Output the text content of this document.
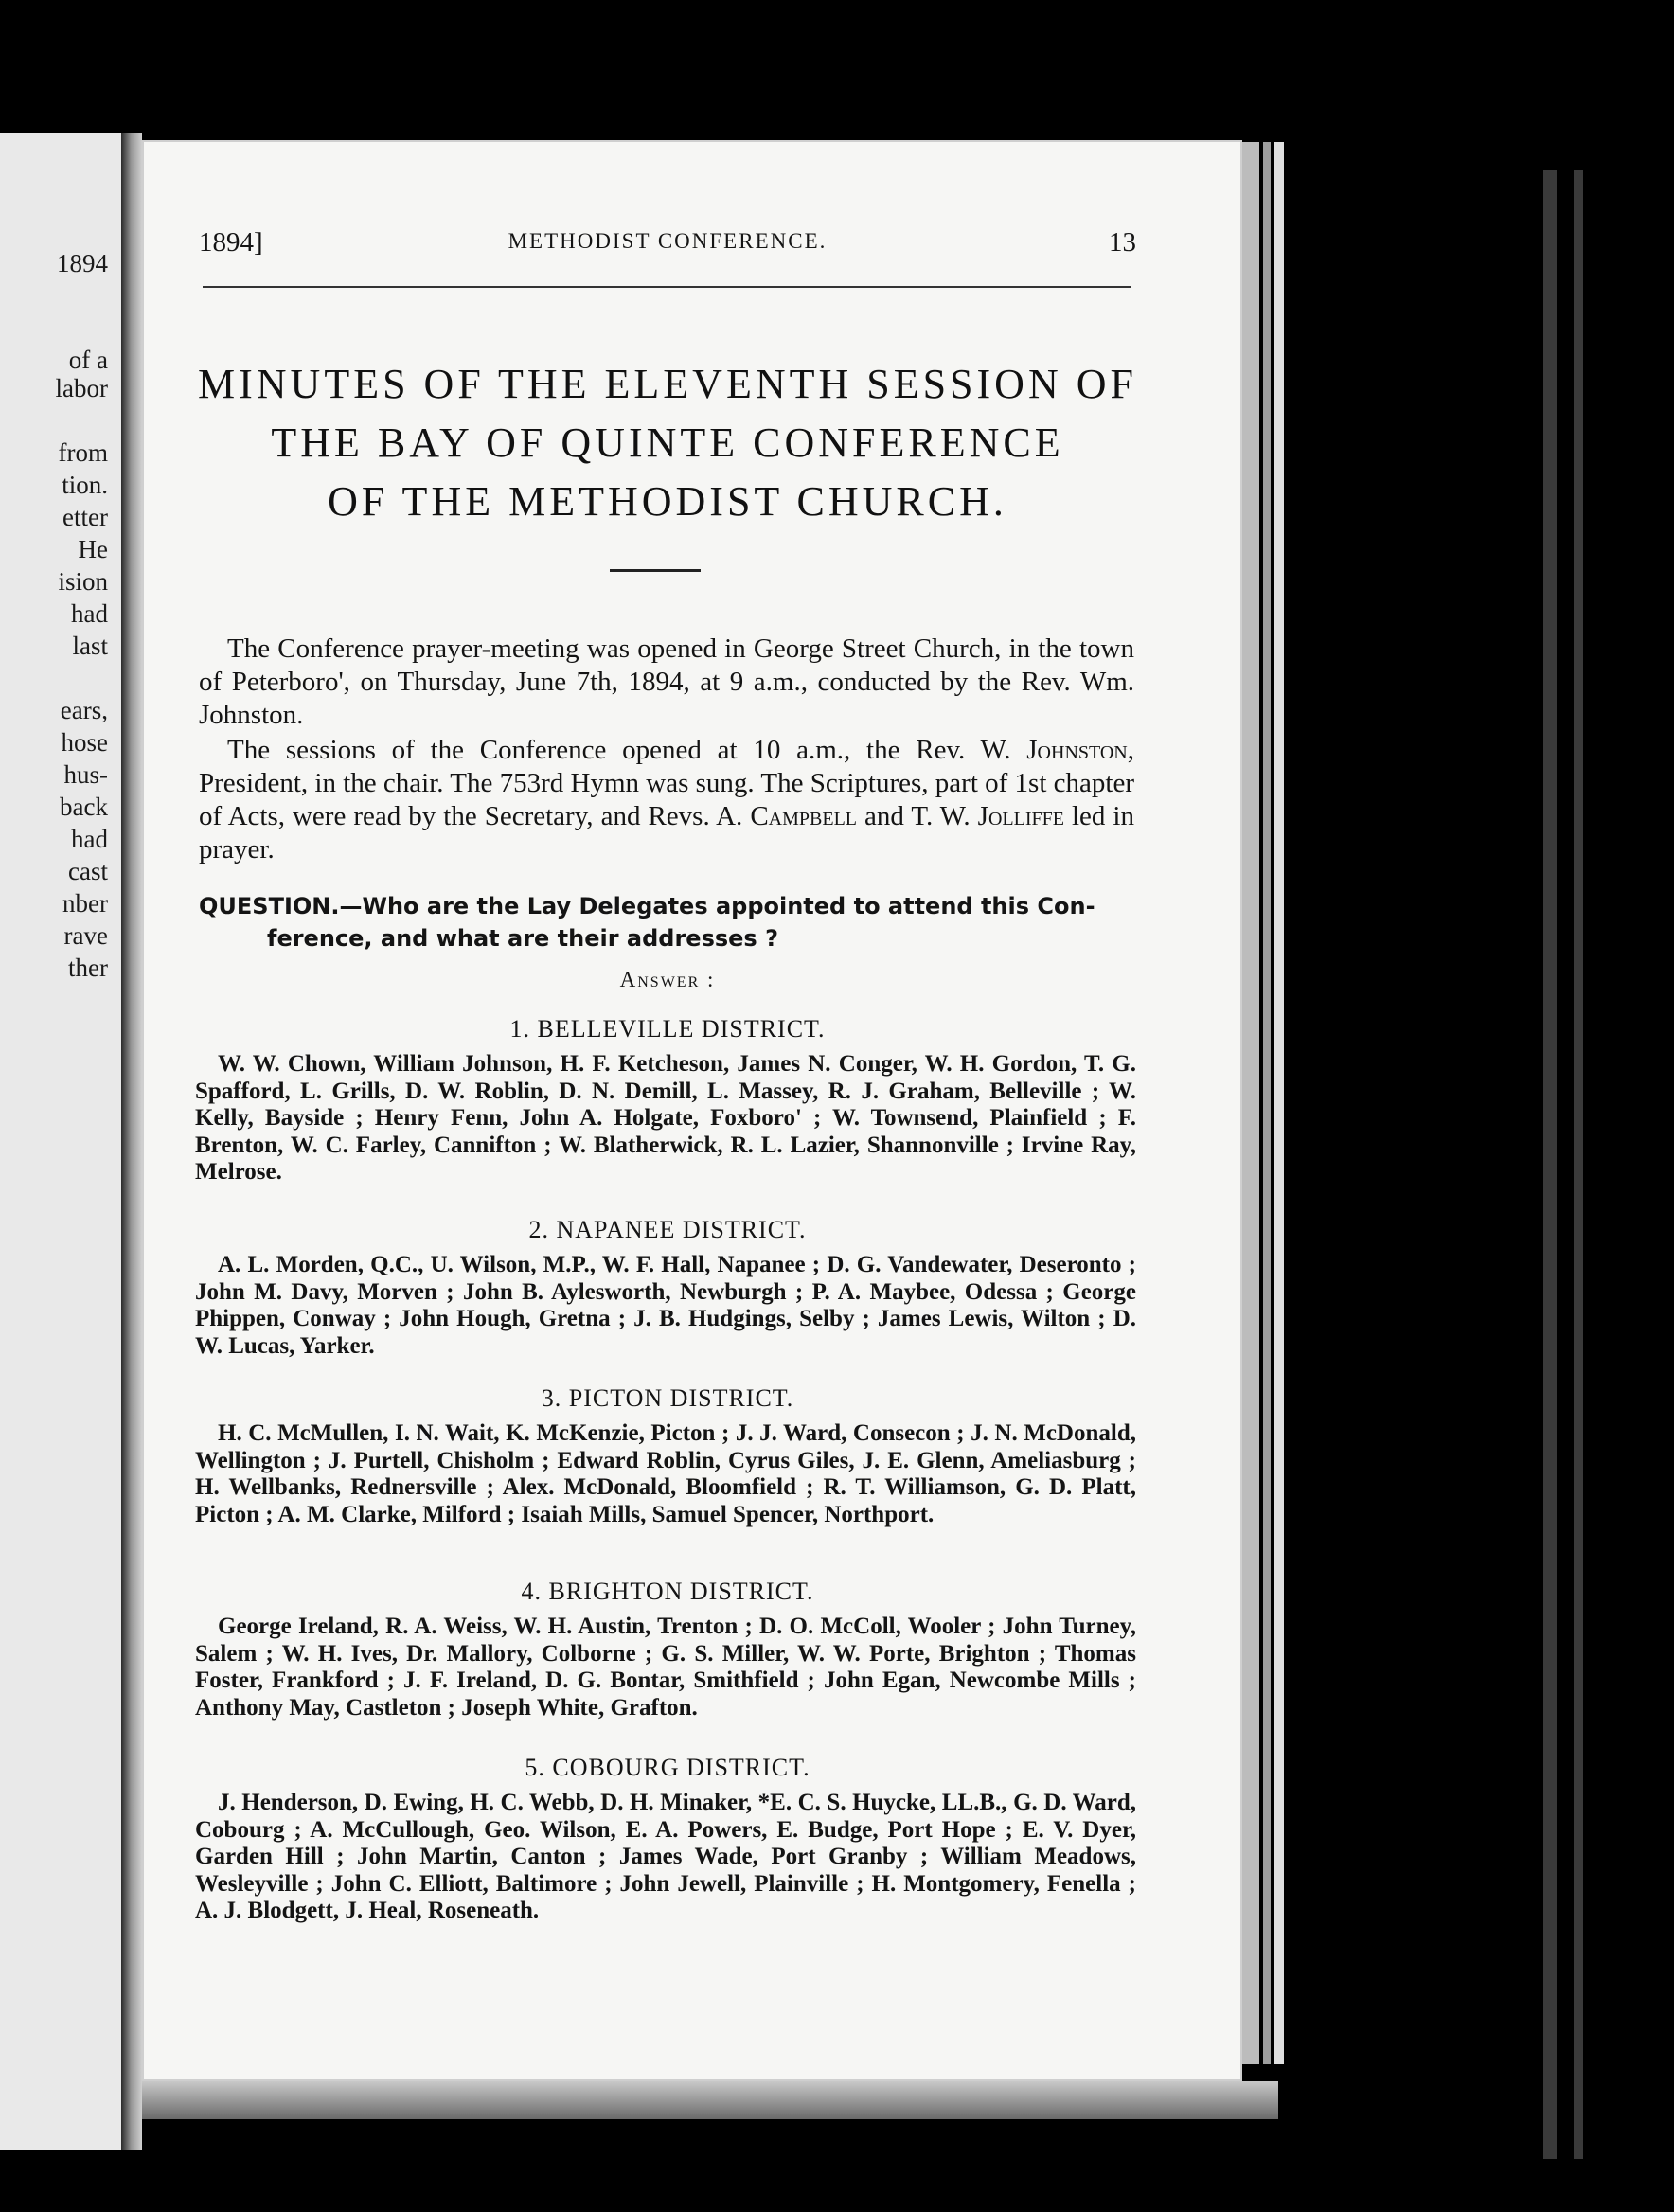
1894
of a
labor
from
tion.
etter
He
ision
had
last
ears,
hose
hus-
back
had
cast
nber
rave
ther
1894]	METHODIST CONFERENCE.	13
MINUTES OF THE ELEVENTH SESSION OF
THE BAY OF QUINTE CONFERENCE
OF THE METHODIST CHURCH.

The Conference prayer-meeting was opened in George Street Church, in the town of Peterboro', on Thursday, June 7th, 1894, at 9 a.m., conducted by the Rev. Wm. Johnston.

The sessions of the Conference opened at 10 a.m., the Rev. W. Johnston, President, in the chair. The 753rd Hymn was sung. The Scriptures, part of 1st chapter of Acts, were read by the Secretary, and Revs. A. Campbell and T. W. Jolliffe led in prayer.

QUESTION.—Who are the Lay Delegates appointed to attend this Con-
ference, and what are their addresses ?
Answer :
1. BELLEVILLE DISTRICT.

W. W. Chown, William Johnson, H. F. Ketcheson, James N. Conger, W. H. Gordon, T. G. Spafford, L. Grills, D. W. Roblin, D. N. Demill, L. Massey, R. J. Graham, Belleville ; W. Kelly, Bayside ; Henry Fenn, John A. Holgate, Foxboro' ; W. Townsend, Plainfield ; F. Brenton, W. C. Farley, Cannifton ; W. Blatherwick, R. L. Lazier, Shannonville ; Irvine Ray, Melrose.

2. NAPANEE DISTRICT.

A. L. Morden, Q.C., U. Wilson, M.P., W. F. Hall, Napanee ; D. G. Vandewater, Deseronto ; John M. Davy, Morven ; John B. Aylesworth, Newburgh ; P. A. Maybee, Odessa ; George Phippen, Conway ; John Hough, Gretna ; J. B. Hudgings, Selby ; James Lewis, Wilton ; D. W. Lucas, Yarker.

3. PICTON DISTRICT.

H. C. McMullen, I. N. Wait, K. McKenzie, Picton ; J. J. Ward, Consecon ; J. N. McDonald, Wellington ; J. Purtell, Chisholm ; Edward Roblin, Cyrus Giles, J. E. Glenn, Ameliasburg ; H. Wellbanks, Rednersville ; Alex. McDonald, Bloomfield ; R. T. Williamson, G. D. Platt, Picton ; A. M. Clarke, Milford ; Isaiah Mills, Samuel Spencer, Northport.

4. BRIGHTON DISTRICT.

George Ireland, R. A. Weiss, W. H. Austin, Trenton ; D. O. McColl, Wooler ; John Turney, Salem ; W. H. Ives, Dr. Mallory, Colborne ; G. S. Miller, W. W. Porte, Brighton ; Thomas Foster, Frankford ; J. F. Ireland, D. G. Bontar, Smithfield ; John Egan, Newcombe Mills ; Anthony May, Castleton ; Joseph White, Grafton.

5. COBOURG DISTRICT.

J. Henderson, D. Ewing, H. C. Webb, D. H. Minaker, *E. C. S. Huycke, LL.B., G. D. Ward, Cobourg ; A. McCullough, Geo. Wilson, E. A. Powers, E. Budge, Port Hope ; E. V. Dyer, Garden Hill ; John Martin, Canton ; James Wade, Port Granby ; William Meadows, Wesleyville ; John C. Elliott, Baltimore ; John Jewell, Plainville ; H. Montgomery, Fenella ; A. J. Blodgett, J. Heal, Roseneath.
